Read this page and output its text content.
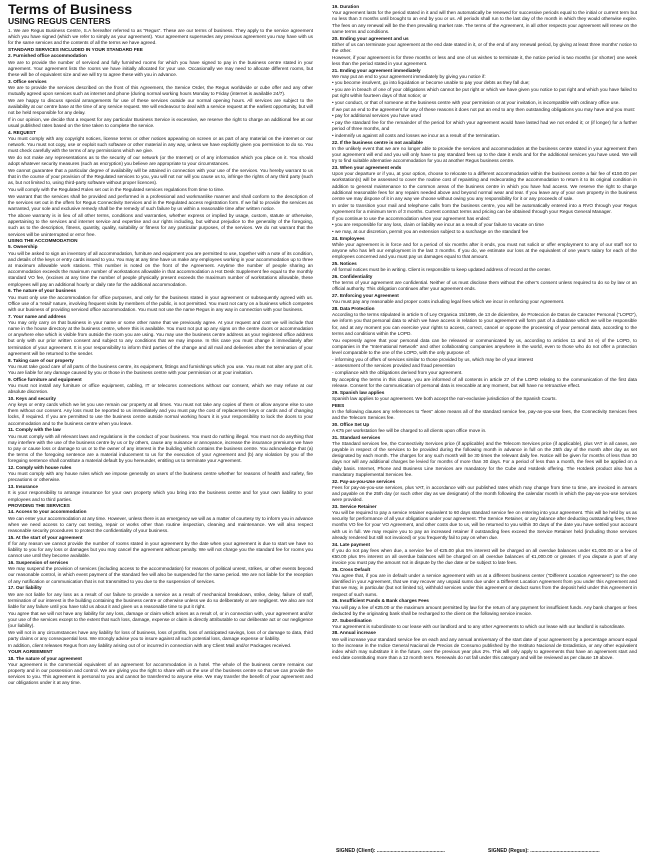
Terms of Business
USING REGUS CENTERS

1. We are Regus Business Centre, S.A hereafter referred to as "Regus". These are our terms of business. They apply to the service agreement which you have signed (which we refer to simply as your agreement). Your agreement supersedes any previous agreement you may have with us for the same services and the contents of all the terms we have agreed.

STANDARD SERVICES INCLUDED IN YOUR STANDARD FEE

2. Furnished office accommodation

We are to provide the number of serviced and fully furnished rooms for which you have signed to pay in the business centre stated in your agreement. Your agreement lists the rooms we have initially allocated for your use. Occasionally we may need to allocate different rooms, but these will be of equivalent size and we will try to agree these with you in advance.

3. Office services

We are to provide the services described on the front of this Agreement, the Service Order, the Regus worldwide or cube offer and any other mutually agreed upon services such as internet and phone (during normal working hours Monday to Friday (internet is available 24/7).

We are happy to discuss special arrangements for use of these services outside our normal opening hours. All services are subject to the availability at our centre base at the time of any service request. We will endeavour to deal with a service request at the earliest opportunity, but will not be held responsible for any delay.

If in our opinion, we decide that a request for any particular Business Service is excessive, we reserve the right to charge an additional fee at our usual published rates based on the time taken to complete the service.

4. REQUEST

You must comply with any copyright notices, license terms or other notices appearing on screen or as part of any material on the internet or our network. You must not copy, use or exploit such software or other material in any way, unless we have explicitly given you permission to do so. You must check carefully with the terms of any permissions which we give.

We do not make any representations as to the security of our network (or the Internet) or of any information which you place on it. You should adopt whatever security measures (such as encryption) you believe are appropriate to your circumstances.

We cannot guarantee that a particular degree of availability will be attained in connection with your use of the services. You hereby warrant to us that in the course of your provision of the Regulated services to you, you will not nor will you cause us to, infringe the rights of any third party (such as, but not limited to, using third-party software without proper licences).

You will comply with the Regulated Rules set out in the Regulated services regulations from time to time.

We warrant that the services shall be provided and performed in a professional and workmanlike manner and shall conform to the description of the services set out in the offers for Regus Connectivity Services and in the Regulated access registration form. If we fail to provide the services as warranted, your sole and exclusive remedy shall be the remedy of such failure by us within a reasonable time after written notice.

The above warranty is in lieu of all other terms, conditions and warranties, whether express or implied by usage, custom, statute or otherwise, appertaining to the services and internet service and expertise and our rights including, but without prejudice to the generality of the foregoing, such as to the description, fitness, quantity, quality, suitability or fitness for any particular purposes, of the services. We do not warrant that the services will be uninterrupted or error free.

USING THE ACCOMMODATION

5. Ownership

You will be asked to sign an inventory of all accommodation, furniture and equipment you are permitted to use, together with a note of its condition, and details of the keys or entry cards issued to you. You may at any time have us make any employees working in your accommodation up to three at maximum allowable work stations. This number is noted on the front of the Agreement. Anytime the number of people sharing an accommodation exceeds the maximum number of workstations allowable in that accommodation a Hot Desk Supplement fee equal to the monthly standard VO fee, (excises at any time the number of people physically present exceeds the maximum number of workstations allowable, these employees will pay an additional hourly or daily rate for the additional accommodation.

6. The nature of your business

You must only use the accommodation for office purposes, and only for the business stated in your agreement or subsequently agreed with us. Office use of a 'retail' nature, involving frequent visits by members of the public, is not permitted. You must not carry on a business which competes with our business of providing serviced office accommodation. You must not use the name Regus in any way in connection with your business.

7. Your name and address

You may only carry on that business in your name or some other name that we previously agree. At your request and cost we will include that name in the house directory at the business centre, where this is available. You must not put up any signs on the centre doors or accommodation or anywhere else which is visible from outside the room you are using. You may use the business centre address as your registered office address but only with our prior written consent and subject to any conditions that we may impose. In this case you must change it immediately after termination of your agreement. It is your responsibility to inform third parties of the change and all mail and deliveries after the termination of your agreement will be returned to the sender.

8. Taking care of our property

You must take good care of all parts of the business centre, its equipment, fittings and furnishings which you use. You must not alter any part of it. You are liable for any damage caused by you or those in the business centre with your permission or at your invitation.

9. Office furniture and equipment

You must not install any furniture or office equipment, cabling, IT or telecoms connections without our consent, which we may refuse at our absolute discretion.

10. Keys and security

Any keys or entry cards which we let you use remain our property at all times. You must not take any copies of them or allow anyone else to use them without our consent. Any loss must be reported to us immediately and you must pay the cost of replacement keys or cards and of changing locks, if required. If you are permitted to use the business centre outside normal working hours it is your responsibility to lock the doors to your accommodation and to the business centre when you leave.

11. Comply with the law

You must comply with all relevant laws and regulations in the conduct of your business. You must do nothing illegal. You must not do anything that may interfere with the use of the business centre by us or by others, cause any nuisance or annoyance, increase the insurance premiums we have to pay or cause loss or damage to us or to the owner of any interest in the building which contains the business centre. You acknowledge that (a) the terms of the foregoing sentence are a material inducement to us for the execution of your Agreement and (b) any violation by you of the foregoing sentence shall constitute a material default by you hereunder, entitling us to terminate your Agreement.

12. Comply with house rules

You must comply with any house rules which we impose generally on users of the business centre whether for reasons of health and safety, fire precautions or otherwise.

13. Insurance

It is your responsibility to arrange insurance for your own property which you bring into the business centre and for your own liability to your employees and to third parties.

PROVIDING THE SERVICES

14. Access to your accommodation

We can enter your accommodation at any time. However, unless there is an emergency we will as a matter of courtesy try to inform you in advance when we need access to carry out testing, repair or works other than routine inspection, cleaning and maintenance. We will also respect reasonable security procedures to protect the confidentiality of your business.

15. At the start of your agreement

If for any reason we cannot provide the number of rooms stated in your agreement by the date when your agreement is due to start we have no liability to you for any loss or damages but you may cancel the agreement without penalty. We will not charge you the standard fee for rooms you cannot use until they become available.

16. Suspension of services

We may suspend the provision of services (including access to the accommodation) for reasons of political unrest, strikes, or other events beyond our reasonable control, in which event payment of the standard fee will also be suspended for the same period. We are not liable for the reception of any notification or communication that is not transmitted to you due to the suspension of services.

17. Our liability

We are not liable for any loss as a result of our failure to provide a service as a result of mechanical breakdown, strike, delay, failure of staff, termination of our interest in the building containing the business centre or otherwise unless we do so deliberately or are negligent. We also are not liable for any failure until you have told us about it and given us a reasonable time to put it right.

You agree that we will not have any liability for any loss, damage or claim which arises as a result of, or in connection with, your agreement and/or your use of the services except to the extent that such loss, damage, expense or claim is directly attributable to our deliberate act or our negligence (our liability).

We will not in any circumstances have any liability for loss of business, loss of profits, loss of anticipated savings, loss of or damage to data, third party claims or any consequential loss. We strongly advise you to insure against all such potential loss, damage expense or liability.

In addition, client releases Regus from any liability arising out of or incurred in connection with any Client Mail and/or Packages received.

YOUR AGREEMENT

18. The nature of your agreement

Your agreement is the commercial equivalent of an agreement for accommodation in a hotel. The whole of the business centre remains our property and in our possession and control. We are giving you the right to share with us the use of the business centre so that we can provide the services to you. This agreement is personal to you and cannot be transferred to anyone else. We may transfer the benefit of your agreement and our obligations under it at any time.

19. Duration

Your agreement lasts for the period stated in it and will then automatically be renewed for successive periods equal to the initial or current term but no less than 3 months until brought to an end by you or us. All periods shall run to the last day of the month in which they would otherwise expire. The fees on any renewal will be the then prevailing market rate. The terms of the Agreement, in all other respects your agreement will renew on the same terms and conditions.

20. Ending your agreement and us

Either of us can terminate your agreement at the end date stated in it, or of the end of any renewal period, by giving at least three months' notice to the other.

However, if your agreement is for three months or less and one of us wishes to terminate it, the notice period is two months (or shorter) one week less than the period stated in your agreement.

21. Ending your agreement immediately

We may put an end to your agreement immediately by giving you notice if:

• you become insolvent, go into liquidation or become unable to pay your debts as they fall due;

• you are in breach of one of your obligations which cannot be put right or which we have given you notice to put right and which you have failed to put right within fourteen days of that notice; or

• your conduct, or that of someone at the business centre with your permission or at your invitation, is incompatible with ordinary office use.

If we put an end to the agreement for any of these reasons it does not put an end to any then outstanding obligations you may have and you must:

• pay for additional services you have used

• pay the standard fee for the remainder of the period for which your agreement would have lasted had we not ended it; or (if longer) for a further period of three months, and

• indemnify us against all costs and losses we incur as a result of the termination.

22. If the business centre is not available

In the unlikely event that we are no longer able to provide the services and accommodation at the business centre stated in your agreement then your agreement will end and you will only have to pay standard fees up to the date it ends and for the additional services you have used. We will try to find suitable alternative accommodation for you at another Regus business centre.

23. When your agreement ends

Upon your departure or if you, at your option, choose to relocate to a different accommodation within the business centre a fair fee of €150.00 per workstation(s) will be assessed to cover the routine cost of repainting and redecorating the accommodation to return it to its original condition in addition to general maintenance to the common areas of the business centre in which you have had access. We reserve the right to charge additional reasonable fees for any repairs needed above and beyond normal wear and tear. If you leave any of your own property in the business centre we may dispose of it in any way we choose without owing you any responsibility for it or any proceeds of sale.

In order to transition your mail and telephone calls from the business centre, you will be automatically entered into a RVO through your Regus Agreement for a minimum term of 3 months. Current contract terms and pricing can be obtained through your Regus General Manager.

If you continue to use the accommodation when your agreement has ended:

• you are responsible for any loss, claim or liability we incur as a result of your failure to vacate on time

• we may, at our discretion, permit you an extension subject to a surcharge on the standard fee

24. Employees

While your agreement is in force and for a period of six months after it ends, you must not solicit or offer employment to any of our staff nor to anyone who has left our employment in the last 3 months. If you do, we estimate our loss at the equivalent of one year's salary for each of the employees concerned and you must pay us damages equal to that amount.

25. Notices

All formal notices must be in writing. Client is responsible to keep updated address of record at the center.

26. Confidentiality

The terms of your agreement are confidential. Neither of us must disclose them without the other's consent unless required to do so by law or an official authority. This obligation continues after your agreement ends.

27. Enforcing your Agreement

You must pay any reasonable and proper costs including legal fees which we incur in enforcing your Agreement.

28. Data Protection

According to the terms stipulated in article 5 of Ley Organica 15/1999, de 13 de diciembre, de Proteccion de Datos de Caracter Personal ("LOPD"), we inform you that personal data to which we have access in relation to your agreement will form part of a database which we will be responsible for, and at any moment you can exercise your rights to access, correct, cancel or oppose the processing of your personal data, according to the terms and conditions within the LOPD.

You expressly agree that your personal data can be released or communicated by us, according to articles 11 and 34 e) of the LOPD, to companies in the "International Network" and other collaborating companies anywhere in the world, even to those who do not offer a protection level comparable to the one of the LOPD, with the only purpose of:

- informing you of offers of services similar to those provided by us, which may be of your interest

- assessment of the services provided and fraud prevention

- compliance with the obligations derived from your agreement.

By accepting the terms in this clause, you are informed of all contents in article 27 of the LOPD relating to the communication of the first data release. Consent for the communication of personal data is revocable at any moment, but will have no retroactive effect.

29. Spanish law applies

Spanish law applies to your agreement. We both accept the non-exclusive jurisdiction of the Spanish Courts.

FEES

In the following clauses any references to "fees" alone means all of the standard service fee, pay-as-you-use fees, the Connectivity Services fees and the Telecom Services fee.

30. Office Set Up

A €75 per workstation fee will be charged to all clients upon office move in.

31. Standard services

The Standard services fee, the Connectivity Services price (if applicable) and the Telecom Services price (if applicable), plus VAT in all cases, are payable in respect of the services to be provided during the following month in advance in full on the 25th day of the month after day as set designated by each month. The charges for any such month will be 30 times the relevant daily fee. Notice will be given for months of less than 30 days nor will any additional charges be levied for months of more than 30 days. For a period of less than a month, the fees will be applied on a daily basis. Internet, Phone and Business Line Services are mandatory for the Cube and Hotdesk offering. The Hotdesk product also has a mandatory Supplemental Services fee.

32. Pay-as-you-Use services

Fees for pay-as-you-use services, plus VAT, in accordance with our published rates which may change from time to time, are invoiced in arrears and payable on the 25th day (or such other day as we designate) of the month following the calendar month in which the pay-as-you-use services were provided.

33. Service Retainer

You will be required to pay a service retainer equivalent to 60 days standard service fee on entering into your agreement. This will be held by us as security for performance of all your obligations under your agreement. The Service Retainer, or any balance after deducting outstanding fees, three months VO fee for your VO Agreement, and other costs due to us, will be returned to you within 30 days of the date you have settled your account with us in full. We may require you to pay an increased retainer if outstanding fees exceed the Service Retainer held (including those services already rendered but still not invoiced) or you frequently fail to pay on when due.

34. Late payment

If you do not pay fees when due, a service fee of €25.00 plus 5% interest will be charged on all overdue balances under €1,000.00 or a fee of €50.00 plus 5% interest on all overdue balances will be charged on all overdue balances of €1,000.00 or greater. If you dispute a part of any invoice you must pay the amount not in dispute by the due date or be subject to late fees.

35. Cross Default

You agree that, if you are in default under a service agreement with us at a different business center ("Different Location Agreement") to the one identified in your Agreement, that we may recover any unpaid sums due under a Different Location Agreement from you under this Agreement and that we may, in particular (but not limited to), withhold services under this agreement or deduct sums from the deposit held under this Agreement in respect of such sums.

36. Insufficient Funds & Bank charges Fees

You will pay a fee of €25.00 or the maximum amount permitted by law for the return of any payment for insufficient funds. Any bank charges or fees deducted by the originating bank shall be recharged to the client on the following service invoice.

37. Subordination

Your agreement is subordinate to our lease with our landlord and to any other Agreements to which our lease with our landlord is subordinate.

38. Annual increase

We will increase your standard service fee on each and any annual anniversary of the start date of your agreement by a percentage amount equal to the increase in the Indice General Nacional de Precios de Consumo published by the Instituto Nacional de Estadistica, or any other equivalent index which may substitute it in the future, over the previous year plus 2%. This will only apply to agreements that have an agreement start and end date constituting more than a 12 month term. Renewals do not fall under this category and will be reviewed as per clause 19 above.

SIGNED (Client): .................................................	SIGNED (Regus): ..................................................
